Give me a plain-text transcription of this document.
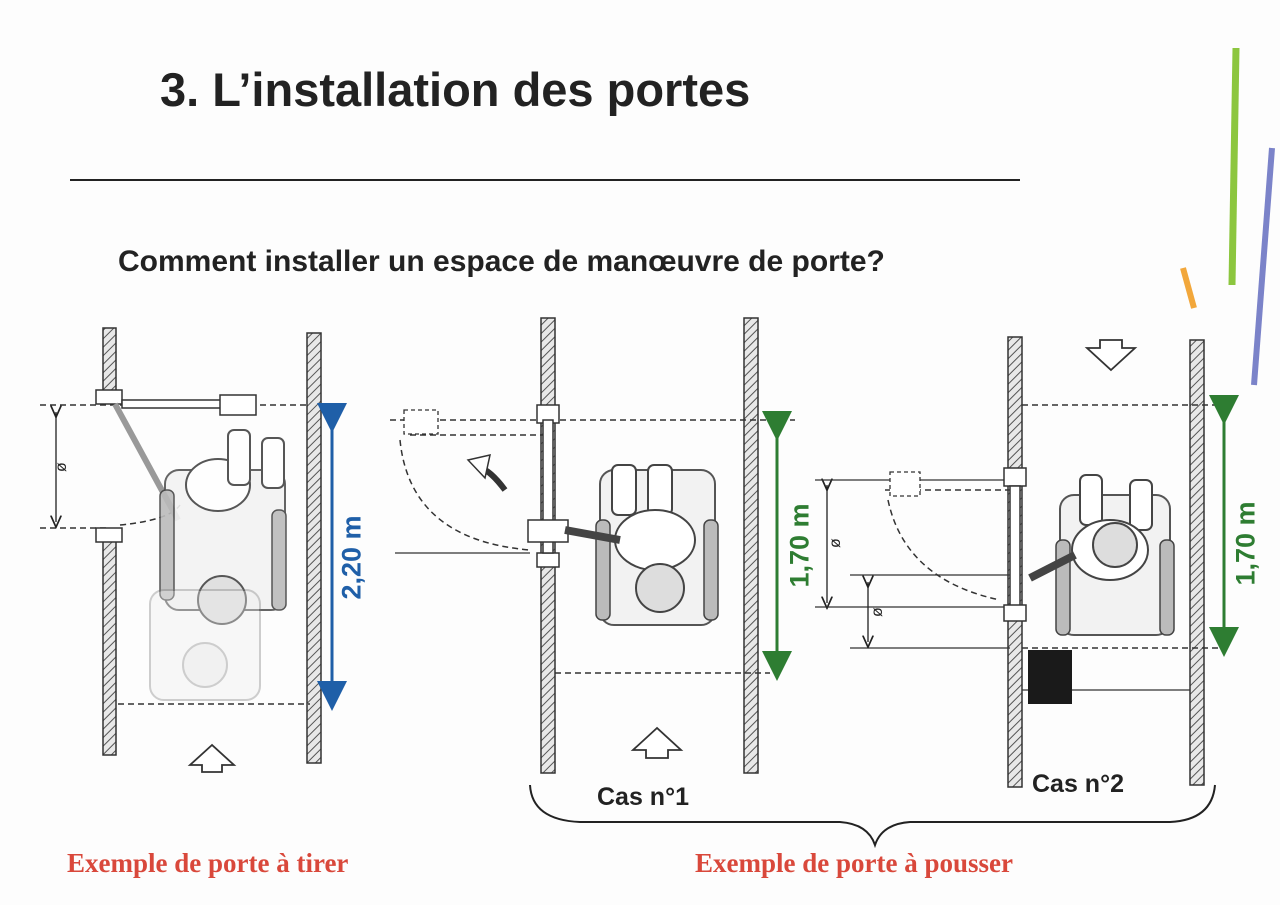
3. L’installation des portes
Comment installer un espace de manœuvre de porte?
ø
ø
ø
2,20 m	1,70 m	1,70 m
Cas n°1	Cas n°2
Exemple de porte à tirer	Exemple de porte à pousser
